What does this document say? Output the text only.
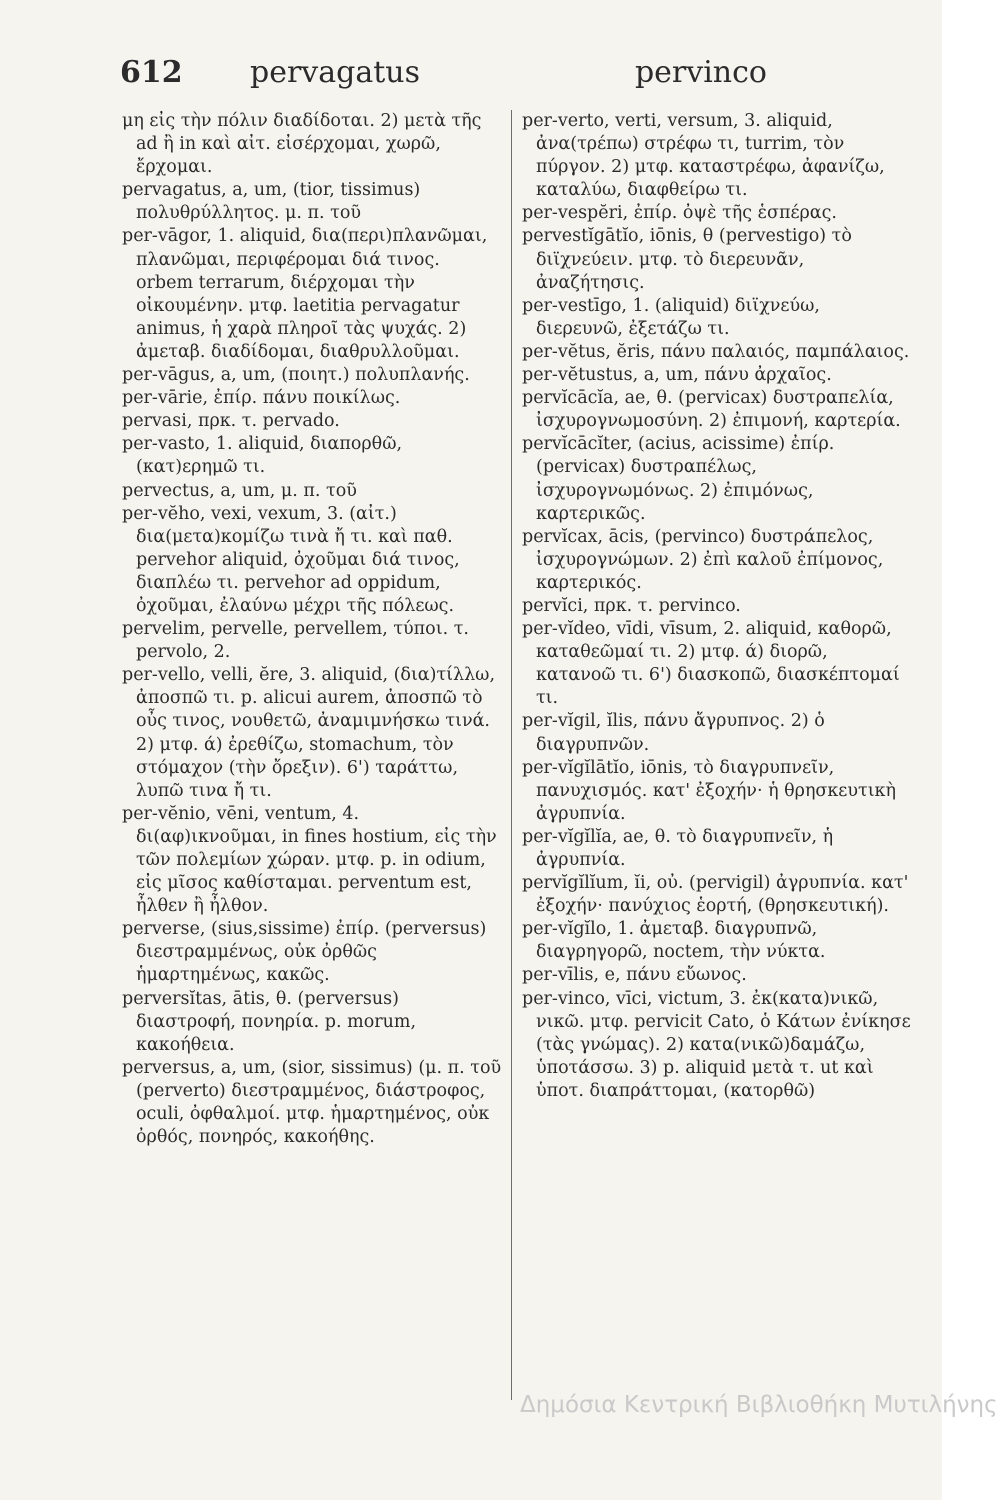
612 pervagatus	pervinco

μη εἰς τὴν πόλιν διαδίδοται. 2) μετὰ τῆς ad ἢ in καὶ αἰτ. εἰσέρχομαι, χωρῶ, ἔρχομαι.

pervagatus, a, um, (tior, tissimus) πολυθρύλλητος. μ. π. τοῦ

per-vāgor, 1. aliquid, δια(περι)πλανῶμαι, πλανῶμαι, περιφέρομαι διά τινος. orbem terrarum, διέρχομαι τὴν οἰκουμένην. μτφ. laetitia pervagatur animus, ἡ χαρὰ πληροῖ τὰς ψυχάς. 2) ἀμεταβ. διαδίδομαι, διαθρυλλοῦμαι.

per-vāgus, a, um, (ποιητ.) πολυπλανής.

per-vārie, ἐπίρ. πάνυ ποικίλως.

pervasi, πρκ. τ. pervado.

per-vasto, 1. aliquid, διαπορθῶ, (κατ)ερημῶ τι.

pervectus, a, um, μ. π. τοῦ

per-vĕho, vexi, vexum, 3. (αἰτ.) δια(μετα)κομίζω τινὰ ἤ τι. καὶ παθ. pervehor aliquid, ὀχοῦμαι διά τινος, διαπλέω τι. pervehor ad oppidum, ὀχοῦμαι, ἐλαύνω μέχρι τῆς πόλεως.

pervelim, pervelle, pervellem, τύποι. τ. pervolo, 2.

per-vello, velli, ĕre, 3. aliquid, (δια)τίλλω, ἀποσπῶ τι. p. alicui aurem, ἀποσπῶ τὸ οὖς τινος, νουθετῶ, ἀναμιμνήσκω τινά. 2) μτφ. ά) ἐρεθίζω, stomachum, τὸν στόμαχον (τὴν ὄρεξιν). 6') ταράττω, λυπῶ τινα ἤ τι.

per-vĕnio, vēni, ventum, 4. δι(αφ)ικνοῦμαι, in fines hostium, εἰς τὴν τῶν πολεμίων χώραν. μτφ. p. in odium, εἰς μῖσος καθίσταμαι. perventum est, ἦλθεν ἢ ἦλθον.

perverse, (sius,sissime) ἐπίρ. (perversus) διεστραμμένως, οὐκ ὀρθῶς ἡμαρτημένως, κακῶς.

perversĭtas, ātis, θ. (perversus) διαστροφή, πονηρία. p. morum, κακοήθεια.

perversus, a, um, (sior, sissimus) (μ. π. τοῦ (perverto) διεστραμμένος, διάστροφος, oculi, ὀφθαλμοί. μτφ. ἡμαρτημένος, οὐκ ὀρθός, πονηρός, κακοήθης.

per-verto, verti, versum, 3. aliquid, ἀνα(τρέπω) στρέφω τι, turrim, τὸν πύργον. 2) μτφ. καταστρέφω, ἀφανίζω, καταλύω, διαφθείρω τι.

per-vespĕri, ἐπίρ. ὀψὲ τῆς ἑσπέρας.

pervestĭgātĭo, iōnis, θ (pervestigo) τὸ διϊχνεύειν. μτφ. τὸ διερευνᾶν, ἀναζήτησις.

per-vestīgo, 1. (aliquid) διϊχνεύω, διερευνῶ, ἐξετάζω τι.

per-vĕtus, ĕris, πάνυ παλαιός, παμπάλαιος.

per-vĕtustus, a, um, πάνυ ἀρχαῖος.

pervĭcācĭa, ae, θ. (pervicax) δυστραπελία, ἰσχυρογνωμοσύνη. 2) ἐπιμονή, καρτερία.

pervĭcācĭter, (acius, acissime) ἐπίρ. (pervicax) δυστραπέλως, ἰσχυρογνωμόνως. 2) ἐπιμόνως, καρτερικῶς.

pervĭcax, ācis, (pervinco) δυστράπελος, ἰσχυρογνώμων. 2) ἐπὶ καλοῦ ἐπίμονος, καρτερικός.

pervĭci, πρκ. τ. pervinco.

per-vĭdeo, vīdi, vīsum, 2. aliquid, καθορῶ, καταθεῶμαί τι. 2) μτφ. ά) διορῶ, κατανοῶ τι. 6') διασκοπῶ, διασκέπτομαί τι.

per-vĭgil, ĭlis, πάνυ ἄγρυπνος. 2) ὁ διαγρυπνῶν.

per-vĭgĭlātĭo, iōnis, τὸ διαγρυπνεῖν, πανυχισμός. κατ' ἐξοχήν· ἡ θρησκευτικὴ ἀγρυπνία.

per-vĭgĭlĭa, ae, θ. τὸ διαγρυπνεῖν, ἡ ἀγρυπνία.

pervĭgĭlĭum, ĭi, οὐ. (pervigil) ἀγρυπνία. κατ' ἐξοχήν· πανύχιος ἑορτή, (θρησκευτική).

per-vĭgĭlo, 1. ἀμεταβ. διαγρυπνῶ, διαγρηγορῶ, noctem, τὴν νύκτα.

per-vīlis, e, πάνυ εὔωνος.

per-vinco, vīci, victum, 3. ἐκ(κατα)νικῶ, νικῶ. μτφ. pervicit Cato, ὁ Κάτων ἐνίκησε (τὰς γνώμας). 2) κατα(νικῶ)δαμάζω, ὑποτάσσω. 3) p. aliquid μετὰ τ. ut καὶ ὑποτ. διαπράττομαι, (κατορθῶ)

Δημόσια Κεντρική Βιβλιοθήκη Μυτιλήνης
